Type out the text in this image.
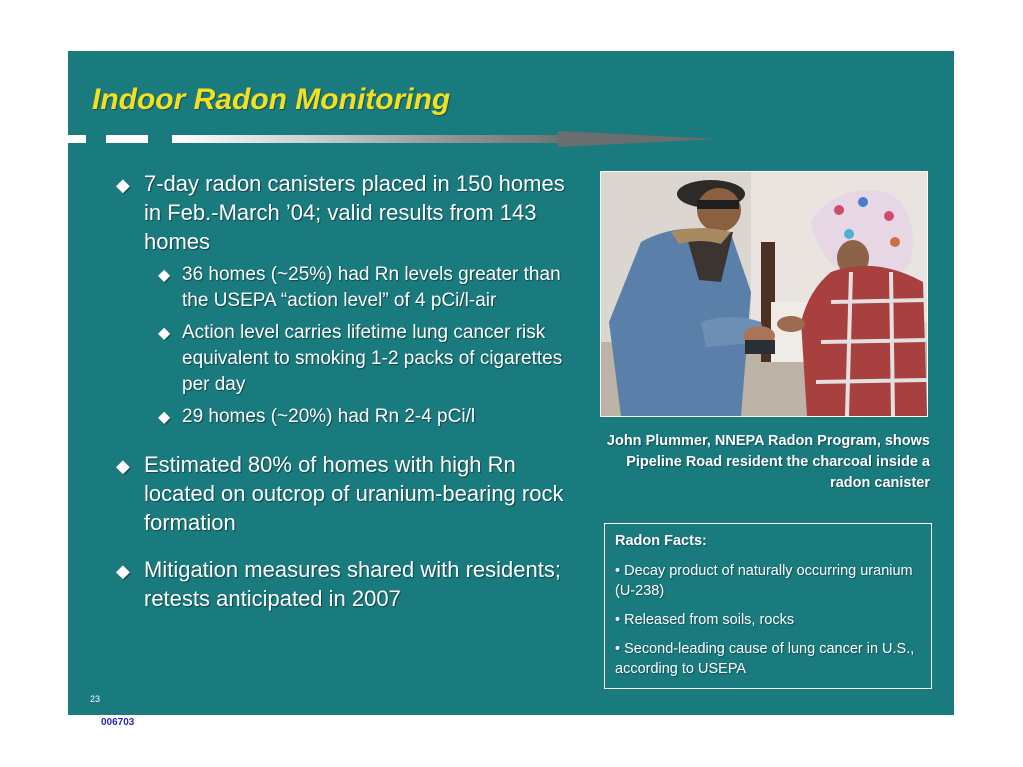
Indoor Radon Monitoring
◆ 7-day radon canisters placed in 150 homes in Feb.-March ’04; valid results from 143 homes
◆ 36 homes (~25%) had Rn levels greater than the USEPA “action level” of 4 pCi/l-air
◆ Action level carries lifetime lung cancer risk equivalent to smoking 1-2 packs of cigarettes per day
◆ 29 homes (~20%) had Rn 2-4 pCi/l
◆ Estimated 80% of homes with high Rn located on outcrop of uranium-bearing rock formation
◆ Mitigation measures shared with residents; retests anticipated in 2007
John Plummer, NNEPA Radon Program, shows Pipeline Road resident the charcoal inside a radon canister
Radon Facts:
• Decay product of naturally occurring uranium (U-238)
• Released from soils, rocks
• Second-leading cause of lung cancer in U.S., according to USEPA
23
006703
